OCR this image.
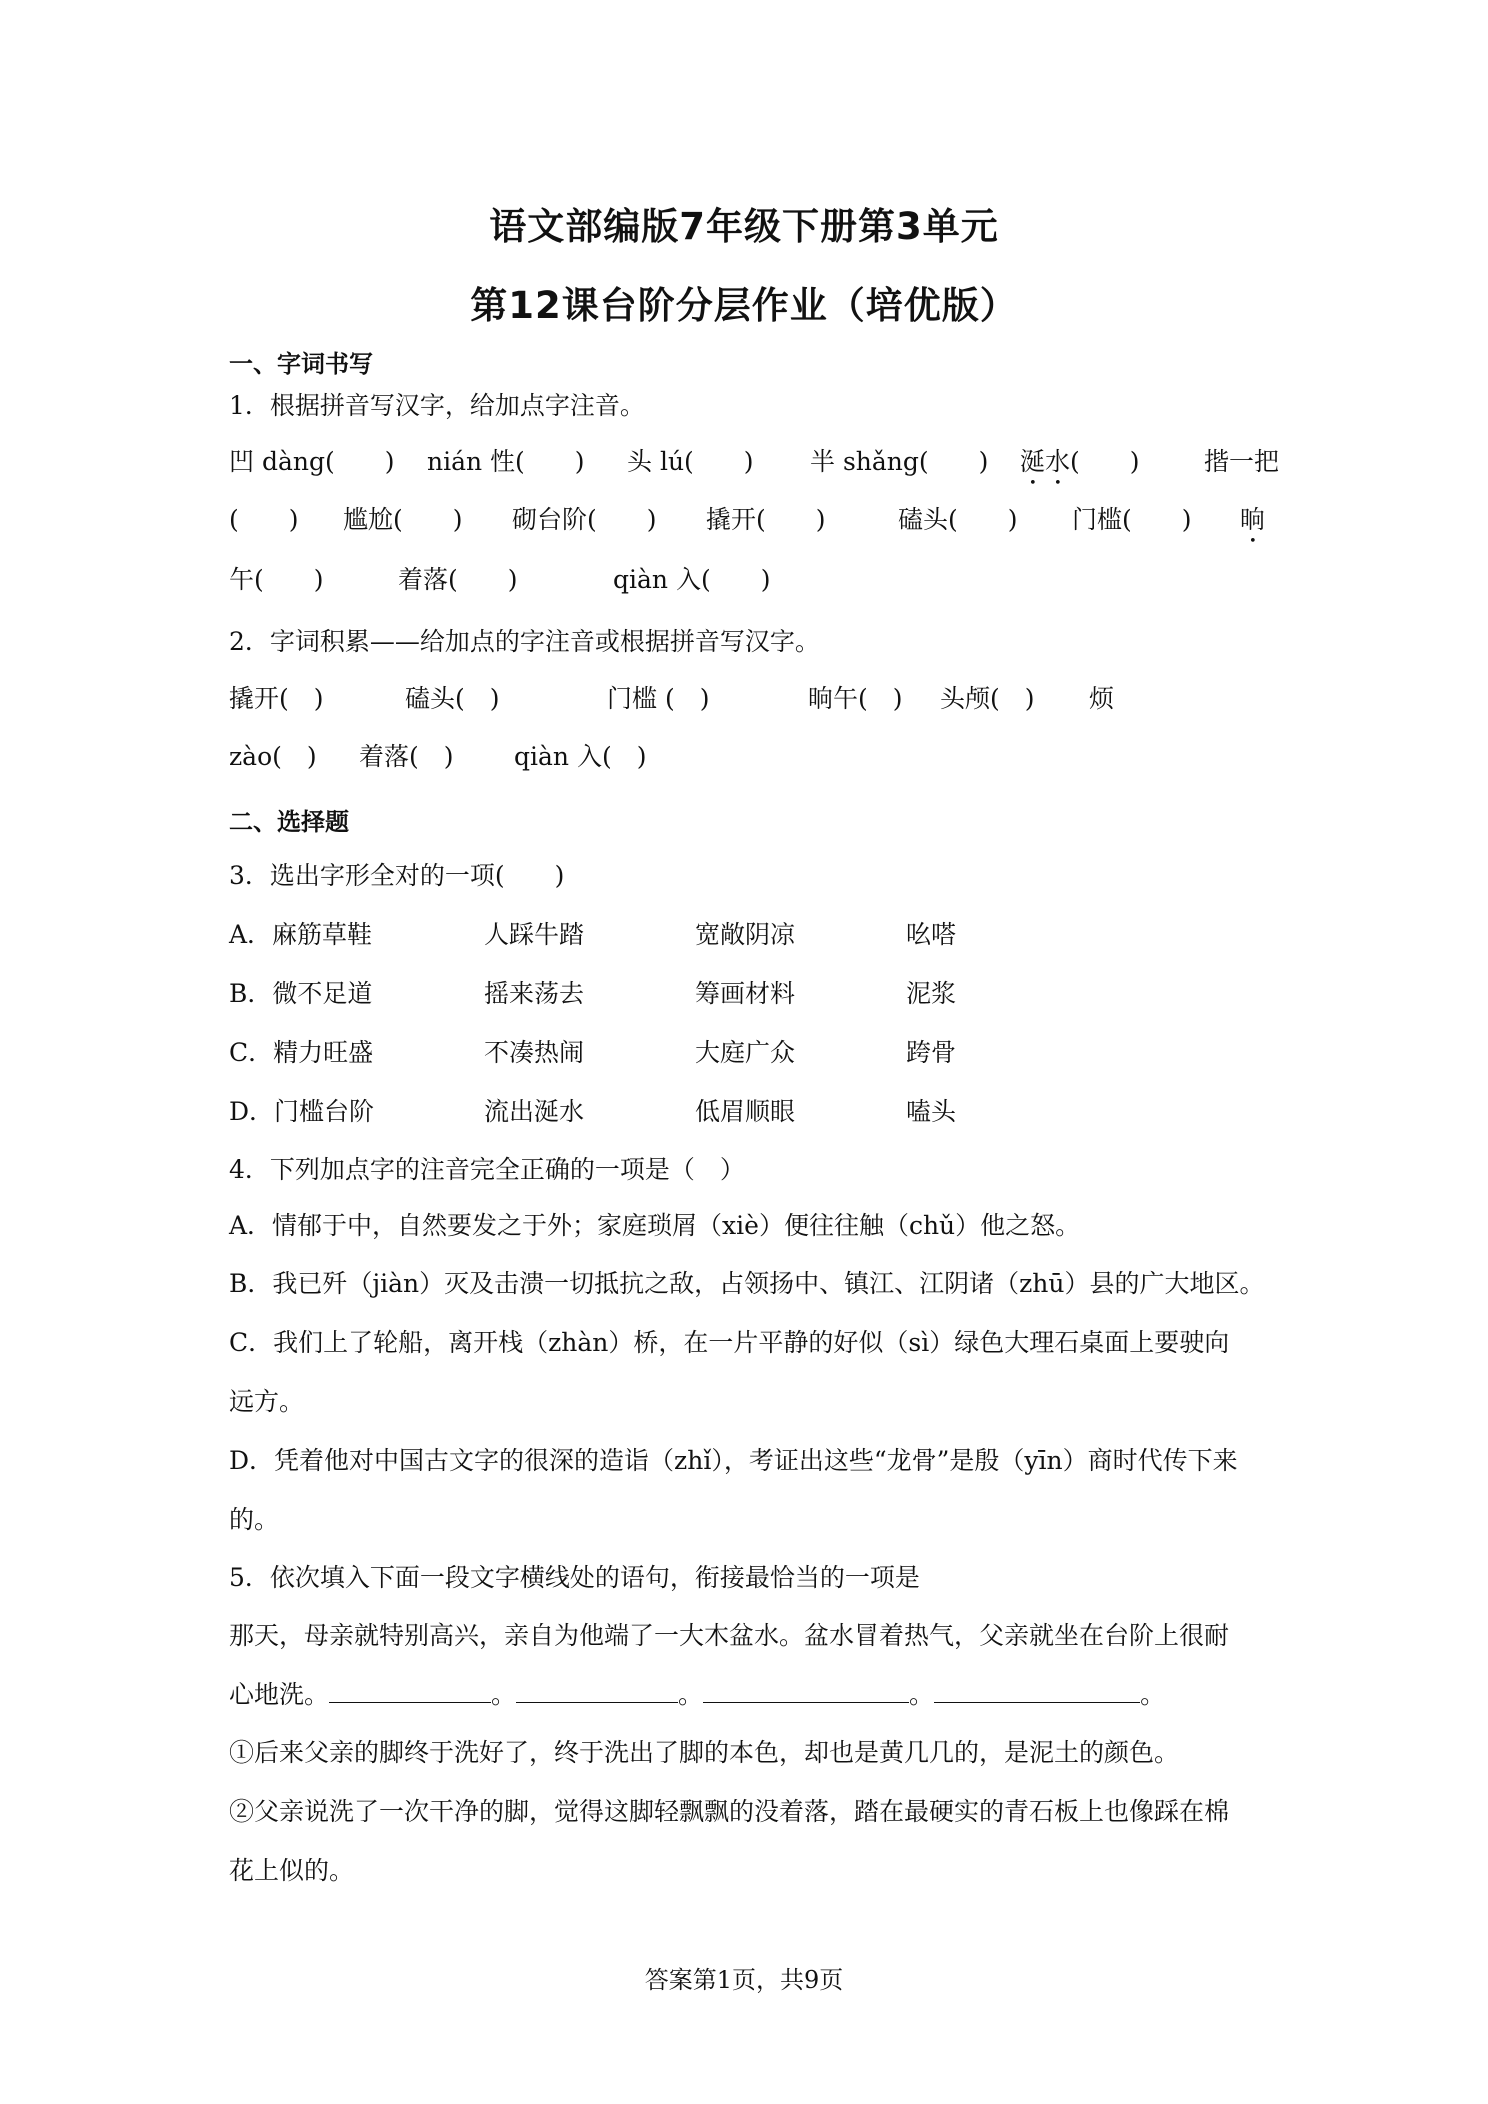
语文部编版7年级下册第3单元
第12课台阶分层作业（培优版）
一、字词书写
1．根据拼音写汉字，给加点字注音。
凹 dàng(　　) nián 性(　　) 头 lú(　　) 半 shǎng(　　) 涎水(　　)	揩一把
(　　) 尴尬(　　) 砌台阶(　　) 撬开(　　)	磕头(　　) 门槛(　　) 晌
午(　　)	着落(　　)	qiàn 入(　　)
2．字词积累——给加点的字注音或根据拼音写汉字。
撬开(　)	磕头(　)	门槛 (　)	晌午(　) 头颅(　) 烦
zào(　) 着落(　) qiàn 入(　)
二、选择题
3．选出字形全对的一项(　　)
A．麻筋草鞋	人踩牛踏	宽敞阴凉	吆嗒
B．微不足道	摇来荡去	筹画材料	泥浆
C．精力旺盛	不凑热闹	大庭广众	跨骨
D．门槛台阶	流出涎水	低眉顺眼	嗑头
4．下列加点字的注音完全正确的一项是（　）
A．情郁于中，自然要发之于外；家庭琐屑（xiè）便往往触（chǔ）他之怒。
B．我已歼（jiàn）灭及击溃一切抵抗之敌，占领扬中、镇江、江阴诸（zhū）县的广大地区。
C．我们上了轮船，离开栈（zhàn）桥，在一片平静的好似（sì）绿色大理石桌面上要驶向
远方。
D．凭着他对中国古文字的很深的造诣（zhǐ），考证出这些“龙骨”是殷（yīn）商时代传下来
的。
5．依次填入下面一段文字横线处的语句，衔接最恰当的一项是
那天，母亲就特别高兴，亲自为他端了一大木盆水。盆水冒着热气，父亲就坐在台阶上很耐
心地洗。	。	。	。	。
①后来父亲的脚终于洗好了，终于洗出了脚的本色，却也是黄几几的，是泥土的颜色。
②父亲说洗了一次干净的脚，觉得这脚轻飘飘的没着落，踏在最硬实的青石板上也像踩在棉
花上似的。
答案第1页，共9页
